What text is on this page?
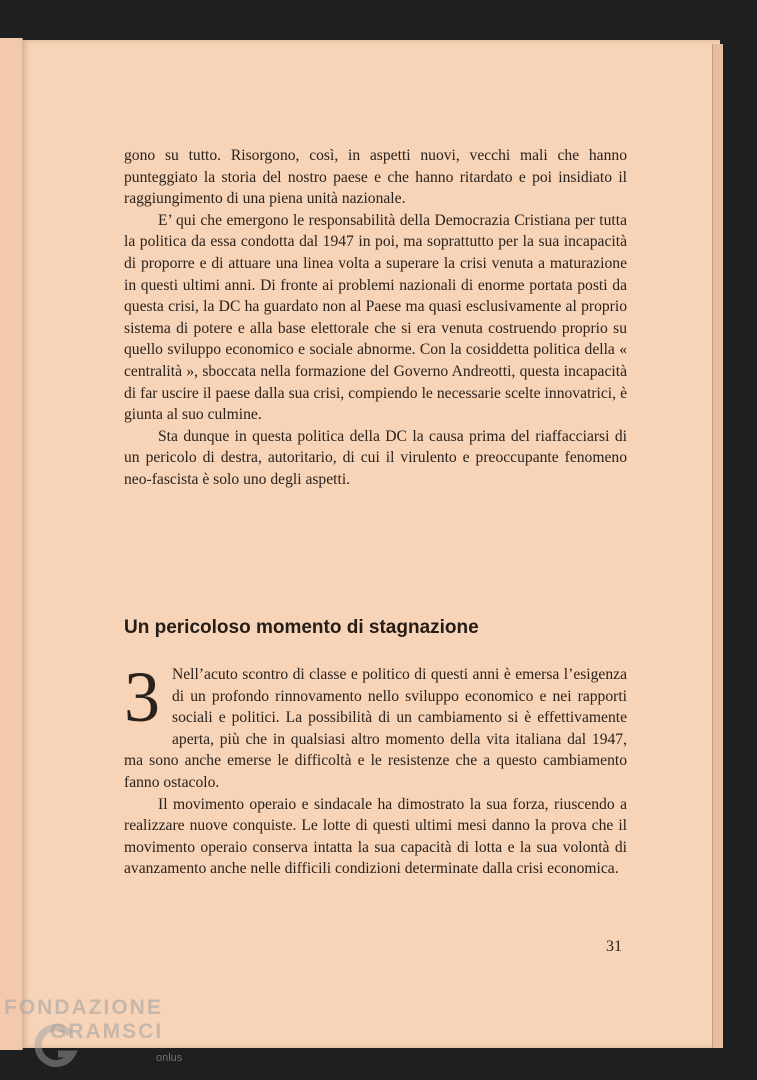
gono su tutto. Risorgono, così, in aspetti nuovi, vecchi mali che hanno punteggiato la storia del nostro paese e che hanno ritardato e poi insidiato il raggiungimento di una piena unità nazionale.

E’ qui che emergono le responsabilità della Democrazia Cristiana per tutta la politica da essa condotta dal 1947 in poi, ma soprattutto per la sua incapacità di proporre e di attuare una linea volta a superare la crisi venuta a maturazione in questi ultimi anni. Di fronte ai problemi nazionali di enorme portata posti da questa crisi, la DC ha guardato non al Paese ma quasi esclusivamente al proprio sistema di potere e alla base elettorale che si era venuta costruendo proprio su quello sviluppo economico e sociale abnorme. Con la cosiddetta politica della « centralità », sboccata nella formazione del Governo Andreotti, questa incapacità di far uscire il paese dalla sua crisi, compiendo le necessarie scelte innovatrici, è giunta al suo culmine.

Sta dunque in questa politica della DC la causa prima del riaffacciarsi di un pericolo di destra, autoritario, di cui il virulento e preoccupante fenomeno neo-fascista è solo uno degli aspetti.

Un pericoloso momento di stagnazione

3 Nell’acuto scontro di classe e politico di questi anni è emersa l’esigenza di un profondo rinnovamento nello sviluppo economico e nei rapporti sociali e politici. La possibilità di un cambiamento si è effettivamente aperta, più che in qualsiasi altro momento della vita italiana dal 1947, ma sono anche emerse le difficoltà e le resistenze che a questo cambiamento fanno ostacolo.

Il movimento operaio e sindacale ha dimostrato la sua forza, riuscendo a realizzare nuove conquiste. Le lotte di questi ultimi mesi danno la prova che il movimento operaio conserva intatta la sua capacità di lotta e la sua volontà di avanzamento anche nelle difficili condizioni determinate dalla crisi economica.

31
FONDAZIONE
GRAMSCI
onlus
